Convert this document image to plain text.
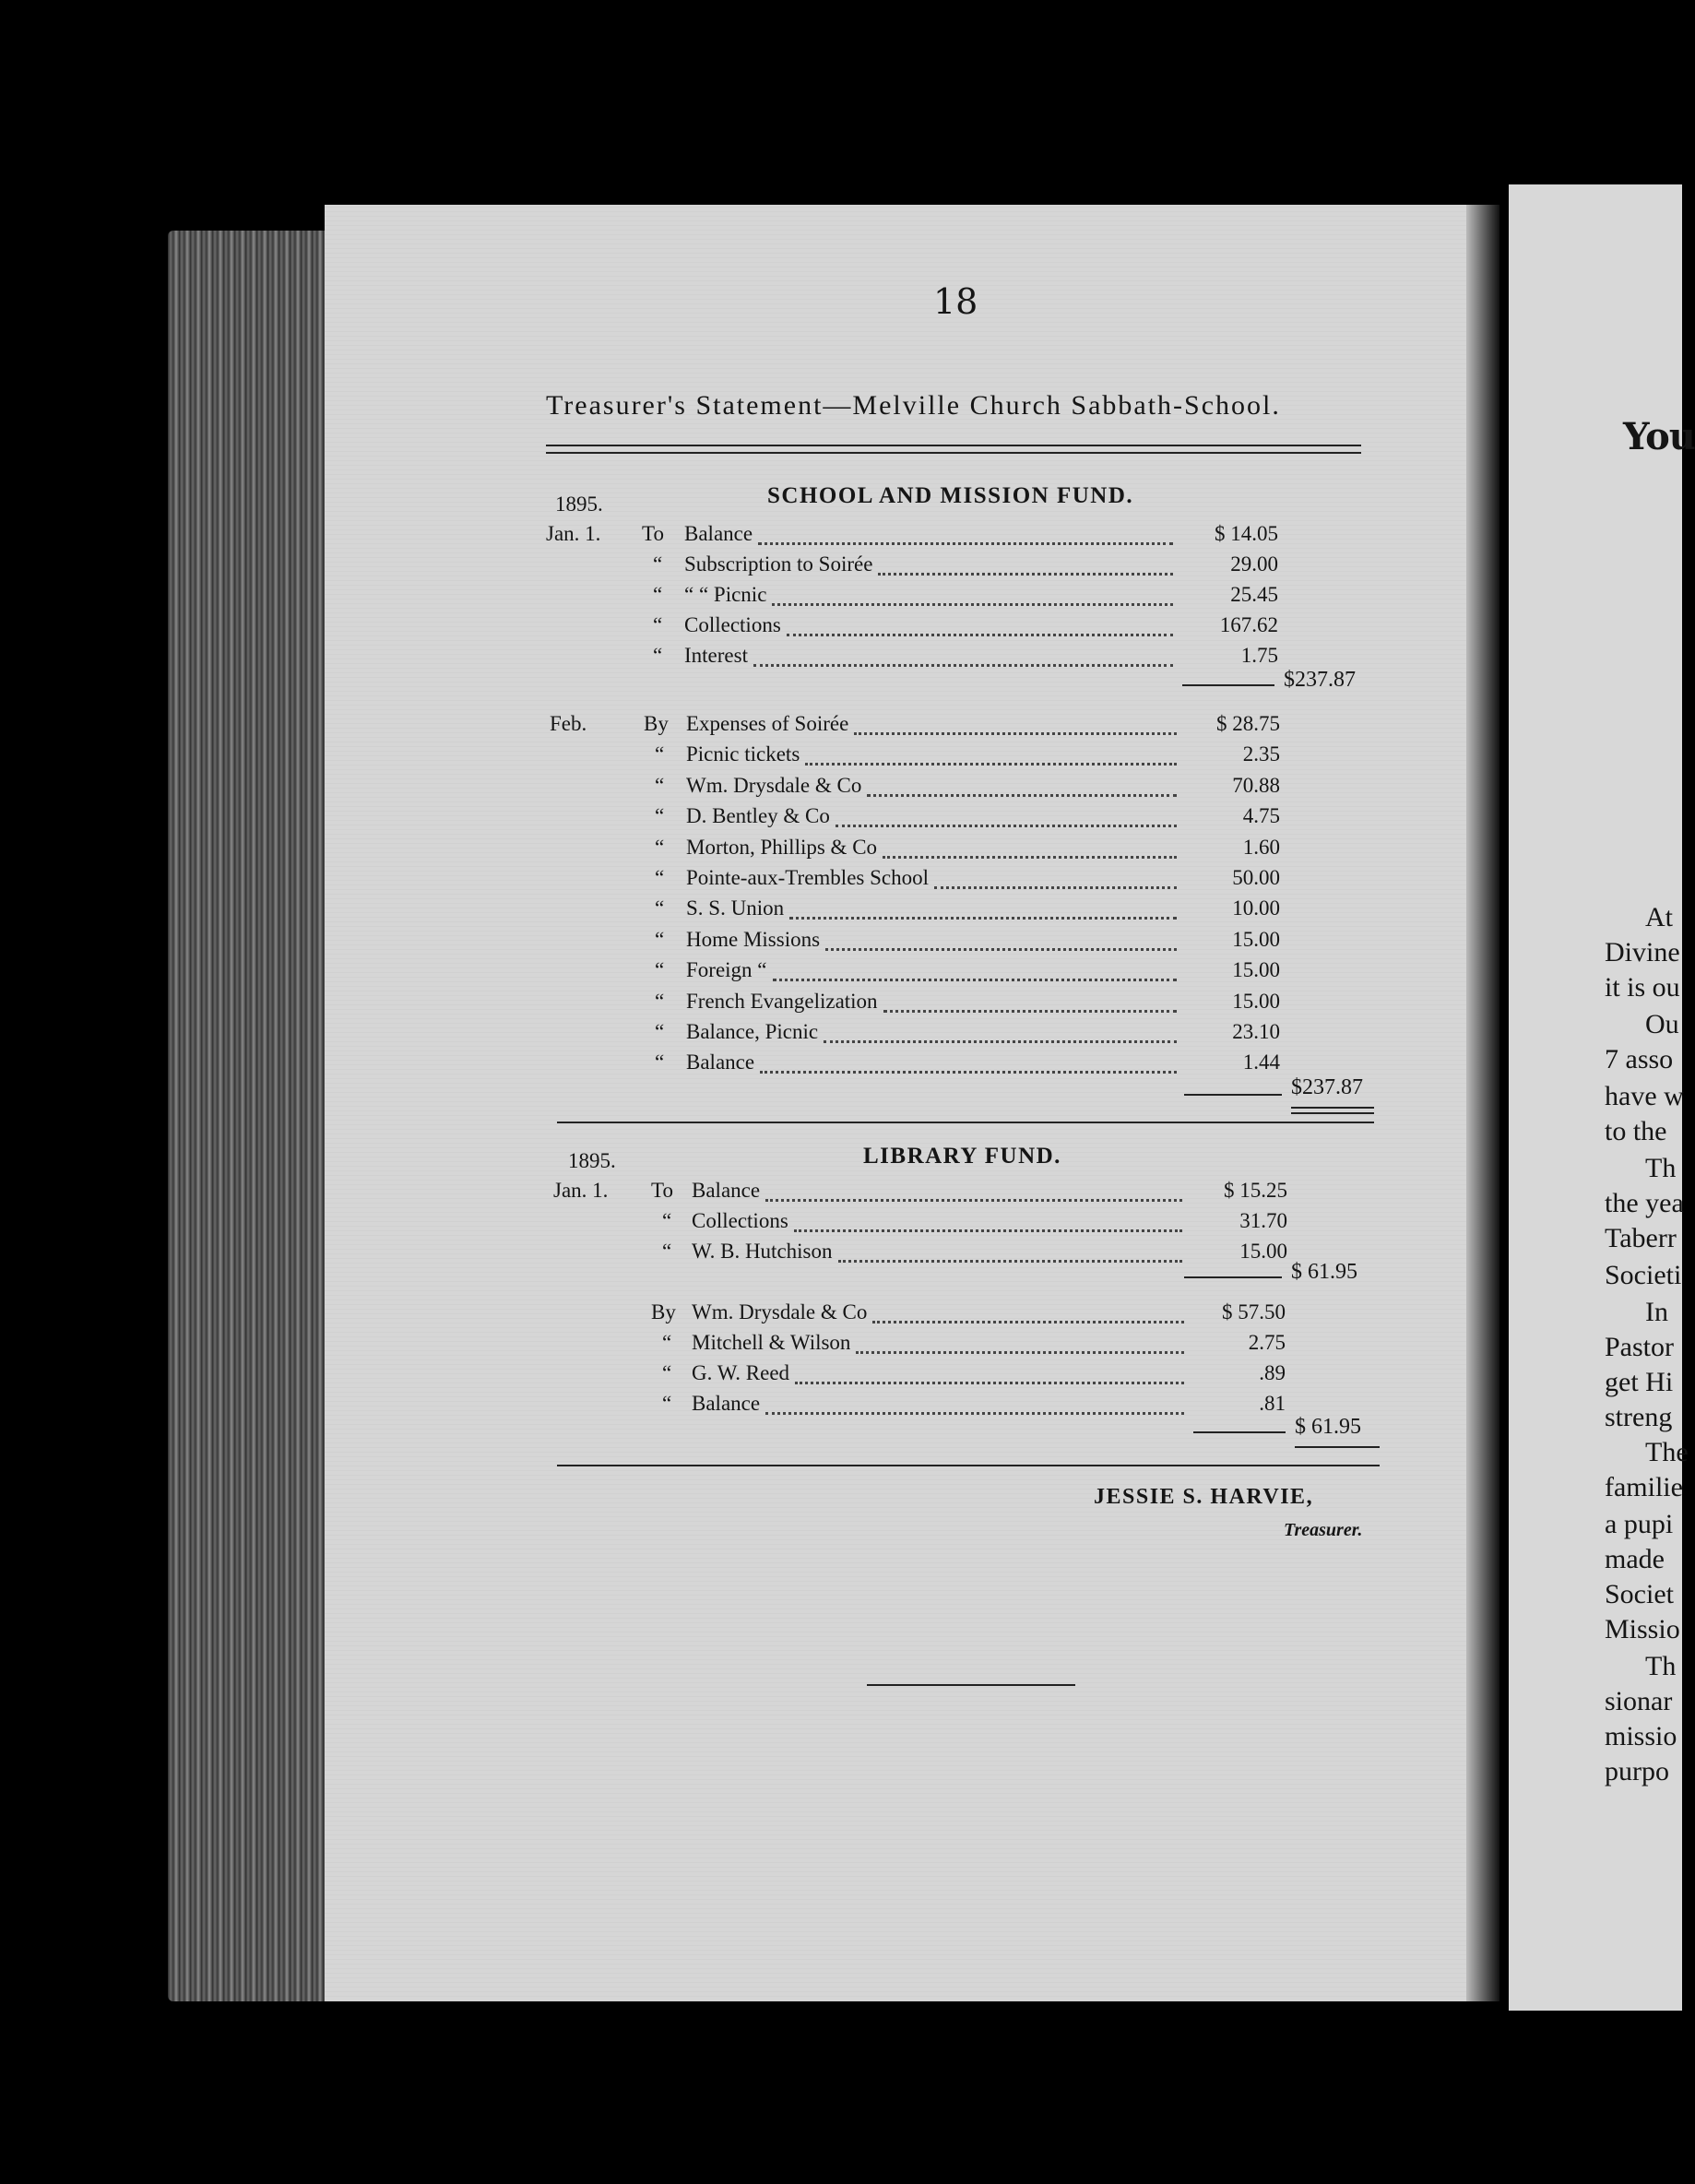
You
At
Divine
it is ou
Ou
7 asso
have w
to the
Th
the yea
Taberr
Societi
In
Pastor
get Hi
streng
The
familie
a pupi
made
Societ
Missio
Th
sionar
missio
purpo
18
Treasurer's Statement—Melville Church Sabbath-School.
1895.	SCHOOL AND MISSION FUND.
Jan. 1. To Balance	$ 14.05
“ Subscription to Soirée	29.00
“ “ “ Picnic	25.45
“ Collections	167.62
“ Interest	1.75
$237.87
Feb.	By Expenses of Soirée	$ 28.75
“ Picnic tickets	2.35
“ Wm. Drysdale & Co	70.88
“ D. Bentley & Co	4.75
“ Morton, Phillips & Co	1.60
“ Pointe-aux-Trembles School	50.00
“ S. S. Union	10.00
“ Home Missions	15.00
“ Foreign “	15.00
“ French Evangelization	15.00
“ Balance, Picnic	23.10
“ Balance	1.44
$237.87
1895.	LIBRARY FUND.
Jan. 1. To Balance	$ 15.25
“ Collections	31.70
“ W. B. Hutchison	15.00
$ 61.95
By Wm. Drysdale & Co	$ 57.50
“ Mitchell & Wilson	2.75
“ G. W. Reed	.89
“ Balance	.81
$ 61.95
JESSIE S. HARVIE,
Treasurer.
